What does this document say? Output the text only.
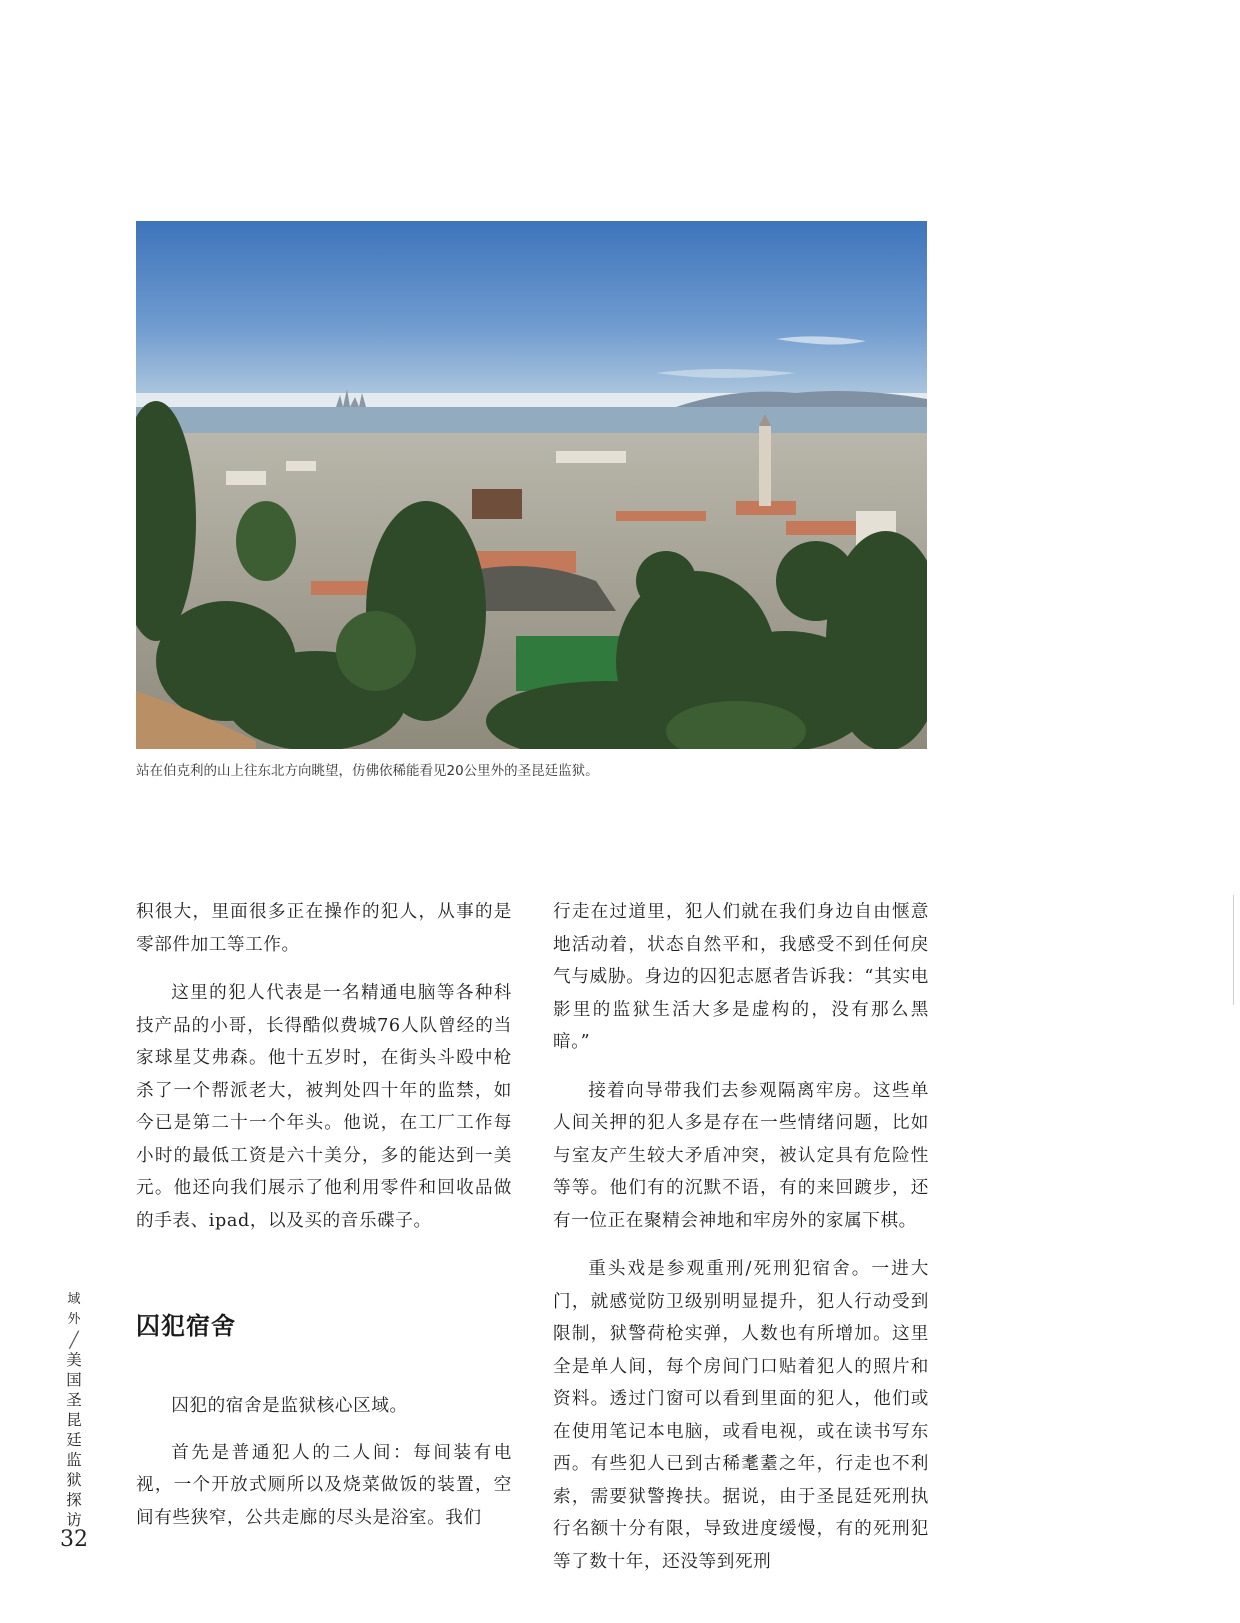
站在伯克利的山上往东北方向眺望，仿佛依稀能看见20公里外的圣昆廷监狱。

积很大，里面很多正在操作的犯人，从事的是零部件加工等工作。

这里的犯人代表是一名精通电脑等各种科技产品的小哥，长得酷似费城76人队曾经的当家球星艾弗森。他十五岁时，在街头斗殴中枪杀了一个帮派老大，被判处四十年的监禁，如今已是第二十一个年头。他说，在工厂工作每小时的最低工资是六十美分，多的能达到一美元。他还向我们展示了他利用零件和回收品做的手表、ipad，以及买的音乐碟子。

囚犯宿舍

囚犯的宿舍是监狱核心区域。

首先是普通犯人的二人间：每间装有电视，一个开放式厕所以及烧菜做饭的装置，空间有些狭窄，公共走廊的尽头是浴室。我们

行走在过道里，犯人们就在我们身边自由惬意地活动着，状态自然平和，我感受不到任何戾气与威胁。身边的囚犯志愿者告诉我：“其实电影里的监狱生活大多是虚构的，没有那么黑暗。”

接着向导带我们去参观隔离牢房。这些单人间关押的犯人多是存在一些情绪问题，比如与室友产生较大矛盾冲突，被认定具有危险性等等。他们有的沉默不语，有的来回踱步，还有一位正在聚精会神地和牢房外的家属下棋。

重头戏是参观重刑/死刑犯宿舍。一进大门，就感觉防卫级别明显提升，犯人行动受到限制，狱警荷枪实弹，人数也有所增加。这里全是单人间，每个房间门口贴着犯人的照片和资料。透过门窗可以看到里面的犯人，他们或在使用笔记本电脑，或看电视，或在读书写东西。有些犯人已到古稀耄耋之年，行走也不利索，需要狱警搀扶。据说，由于圣昆廷死刑执行名额十分有限，导致进度缓慢，有的死刑犯等了数十年，还没等到死刑

域
外
╱
美
国
圣
昆
廷
监
狱
探
访
32
